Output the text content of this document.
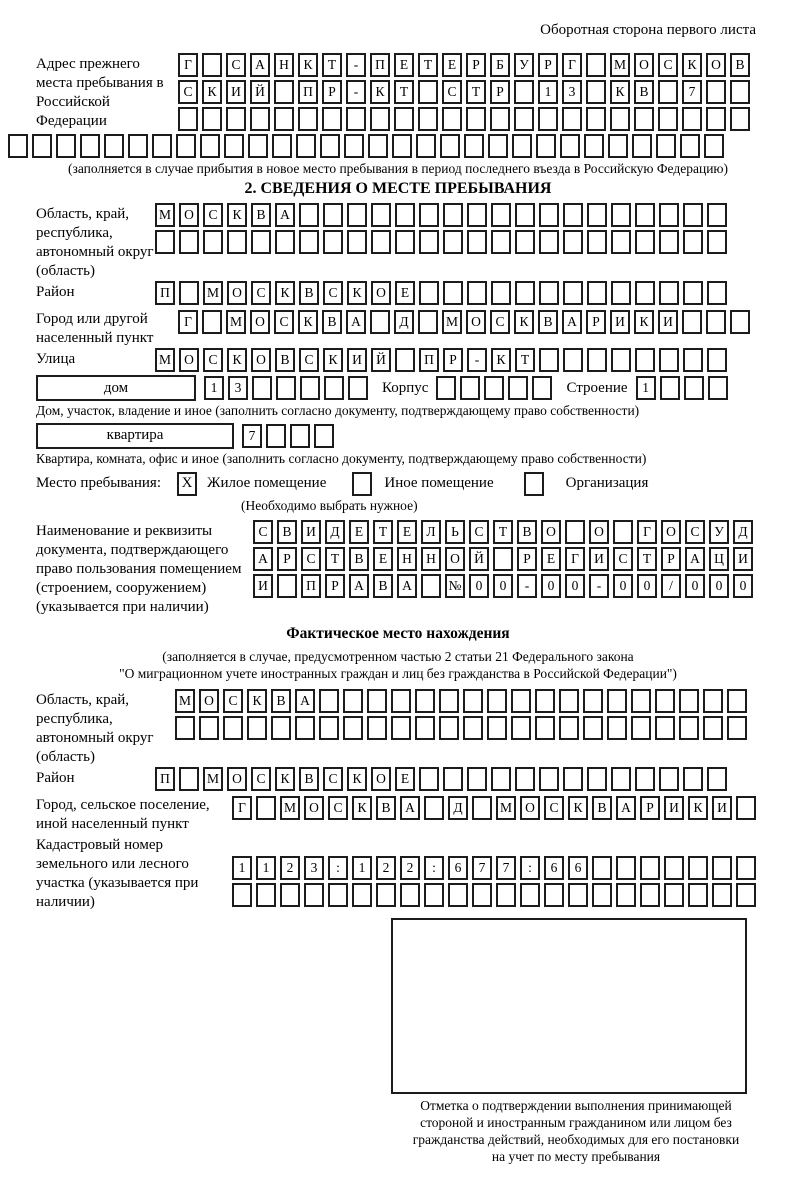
Оборотная сторона первого листа
Адрес прежнего места пребывания в Российской Федерации
Г	С	А	Н	К	Т	-	П	Е	Т	Е	Р	Б	У	Р	Г	М О	С	К	О	В
С	К	И	Й	П	Р	-	К	Т	С	Т	Р	1	3	К	В	7
(заполняется в случае прибытия в новое место пребывания в период последнего въезда в Российскую Федерацию)
2. СВЕДЕНИЯ О МЕСТЕ ПРЕБЫВАНИЯ
Область, край, республика, автономный округ (область)
М О	С	К	В	А
Район	П	М О	С	К	В	С	К	О	Е
Город или другой населенный пункт
Г	М О	С	К	В	А	Д	М О	С	К	В	А	Р	И	К	И
Улица	М О	С	К	О	В	С	К	И	Й	П	Р	-	К	Т
дом	1	3	Корпус	Строение	1
Дом, участок, владение и иное (заполнить согласно документу, подтверждающему право собственности)
квартира	7
Квартира, комната, офис и иное (заполнить согласно документу, подтверждающему право собственности)
Место пребывания:	X Жилое помещение	Иное помещение	Организация
(Необходимо выбрать нужное)
Наименование и реквизиты документа, подтверждающего право пользования помещением (строением, сооружением) (указывается при наличии)
С	В	И	Д	Е	Т	Е	Л	Ь	С	Т	В	О	О	Г	О	С	У	Д
А	Р	С	Т	В	Е	Н	Н	О	Й	Р	Е	Г	И	С	Т	Р	А	Ц	И
И	П	Р	А	В	А	№	0	0	-	0	0	-	0	0	/	0	0	0
Фактическое место нахождения
(заполняется в случае, предусмотренном частью 2 статьи 21 Федерального закона
"О миграционном учете иностранных граждан и лиц без гражданства в Российской Федерации")
Область, край, республика, автономный округ (область)
М О	С	К	В	А
Район	П	М О	С	К	В	С	К	О	Е
Город, сельское поселение, иной населенный пункт
Г	М О	С	К	В	А	Д	М О	С	К	В	А	Р	И	К	И
Кадастровый номер земельного или лесного участка (указывается при наличии)
1	1	2	3	:	1	2	2	:	6	7	7	:	6	6
Отметка о подтверждении выполнения принимающей
стороной и иностранным гражданином или лицом без
гражданства действий, необходимых для его постановки
на учет по месту пребывания
